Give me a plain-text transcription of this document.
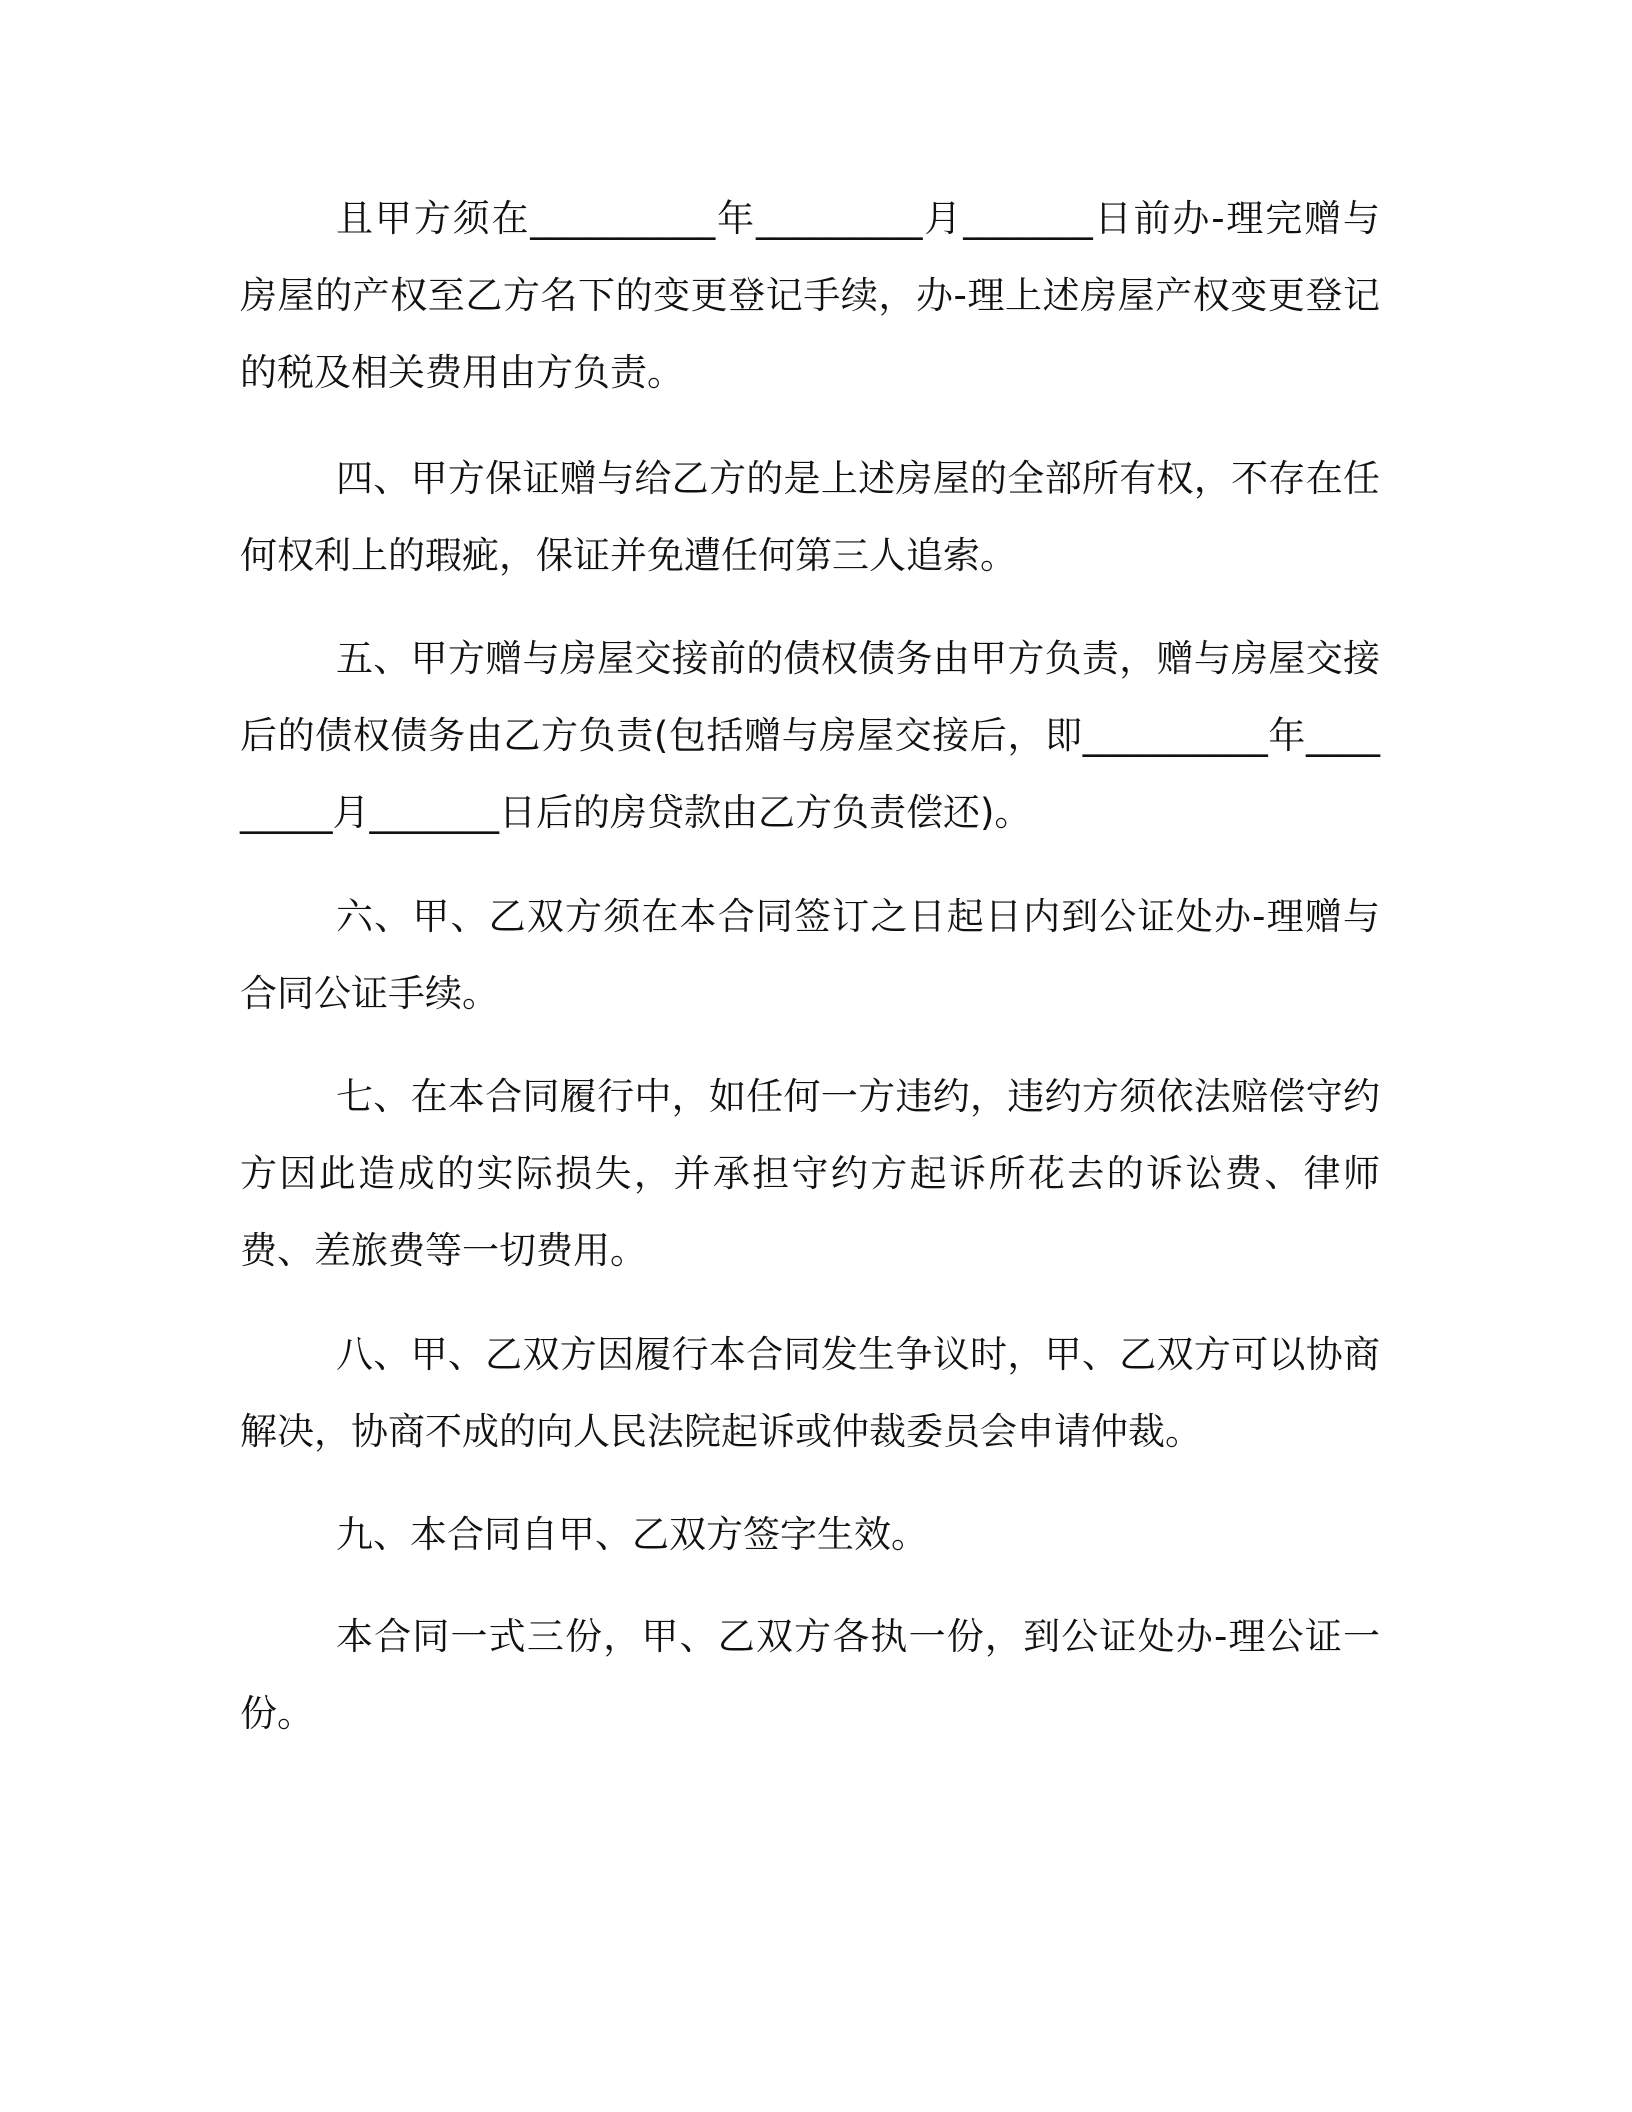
且甲方须在__________年_________月_______日前办-理完赠与房屋的产权至乙方名下的变更登记手续，办-理上述房屋产权变更登记的税及相关费用由方负责。

四、甲方保证赠与给乙方的是上述房屋的全部所有权，不存在任何权利上的瑕疵，保证并免遭任何第三人追索。

五、甲方赠与房屋交接前的债权债务由甲方负责，赠与房屋交接后的债权债务由乙方负责(包括赠与房屋交接后，即__________年_________月_______日后的房贷款由乙方负责偿还)。

六、甲、乙双方须在本合同签订之日起日内到公证处办-理赠与合同公证手续。

七、在本合同履行中，如任何一方违约，违约方须依法赔偿守约方因此造成的实际损失，并承担守约方起诉所花去的诉讼费、律师费、差旅费等一切费用。

八、甲、乙双方因履行本合同发生争议时，甲、乙双方可以协商解决，协商不成的向人民法院起诉或仲裁委员会申请仲裁。

九、本合同自甲、乙双方签字生效。

本合同一式三份，甲、乙双方各执一份，到公证处办-理公证一份。
